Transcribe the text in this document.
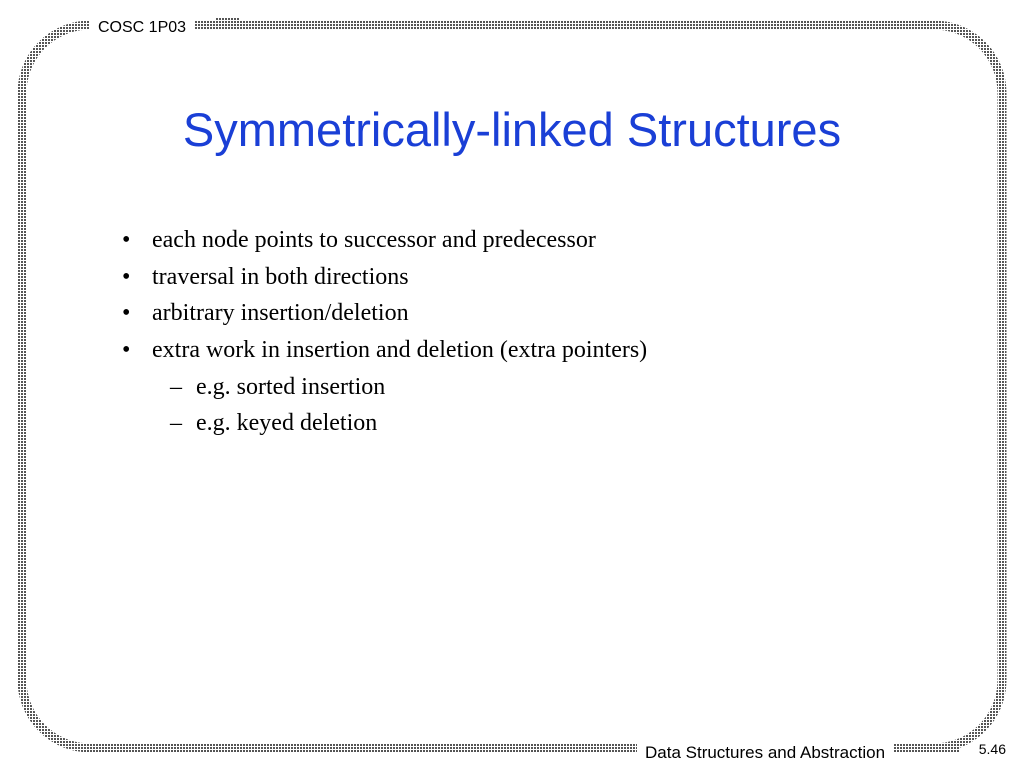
COSC 1P03
Symmetrically-linked Structures
• each node points to successor and predecessor
• traversal in both directions
• arbitrary insertion/deletion
• extra work in insertion and deletion (extra pointers)
– e.g. sorted insertion
– e.g. keyed deletion
Data Structures and Abstraction	5.46
